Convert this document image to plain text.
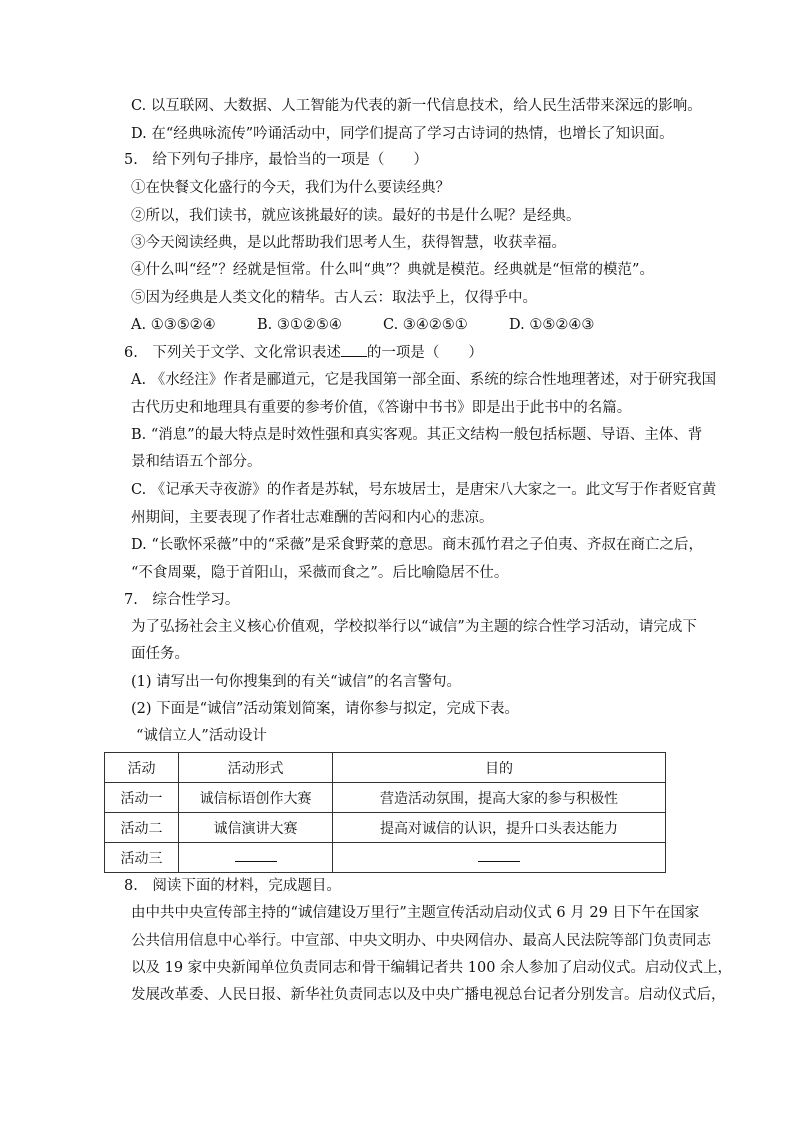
C. 以互联网、大数据、人工智能为代表的新一代信息技术，给人民生活带来深远的影响。
D. 在“经典咏流传”吟诵活动中，同学们提高了学习古诗词的热情，也增长了知识面。
5.　给下列句子排序，最恰当的一项是（　　）
①在快餐文化盛行的今天，我们为什么要读经典？
②所以，我们读书，就应该挑最好的读。最好的书是什么呢？是经典。
③今天阅读经典，是以此帮助我们思考人生，获得智慧，收获幸福。
④什么叫“经”？经就是恒常。什么叫“典”？典就是模范。经典就是“恒常的模范”。
⑤因为经典是人类文化的精华。古人云：取法乎上，仅得乎中。
A. ①③⑤②④	B. ③①②⑤④	C. ③④②⑤①	D. ①⑤②④③
6.　下列关于文学、文化常识表述 的一项是（　　）
A. 《水经注》作者是郦道元，它是我国第一部全面、系统的综合性地理著述，对于研究我国
古代历史和地理具有重要的参考价值，《答谢中书书》即是出于此书中的名篇。
B. “消息”的最大特点是时效性强和真实客观。其正文结构一般包括标题、导语、主体、背
景和结语五个部分。
C. 《记承天寺夜游》的作者是苏轼，号东坡居士，是唐宋八大家之一。此文写于作者贬官黄
州期间，主要表现了作者壮志难酬的苦闷和内心的悲凉。
D. “长歌怀采薇”中的“采薇”是采食野菜的意思。商末孤竹君之子伯夷、齐叔在商亡之后，
“不食周粟，隐于首阳山，采薇而食之”。后比喻隐居不仕。
7.　综合性学习。
为了弘扬社会主义核心价值观，学校拟举行以“诚信”为主题的综合性学习活动，请完成下
面任务。
(1) 请写出一句你搜集到的有关“诚信”的名言警句。
(2) 下面是“诚信”活动策划简案，请你参与拟定，完成下表。
“诚信立人”活动设计
活动	活动形式	目的
活动一	诚信标语创作大赛	营造活动氛围，提高大家的参与积极性
活动二	诚信演讲大赛	提高对诚信的认识，提升口头表达能力
活动三		
8.　阅读下面的材料，完成题目。
由中共中央宣传部主持的“诚信建设万里行”主题宣传活动启动仪式 6 月 29 日下午在国家
公共信用信息中心举行。中宣部、中央文明办、中央网信办、最高人民法院等部门负责同志
以及 19 家中央新闻单位负责同志和骨干编辑记者共 100 余人参加了启动仪式。启动仪式上，
发展改革委、人民日报、新华社负责同志以及中央广播电视总台记者分别发言。启动仪式后，
